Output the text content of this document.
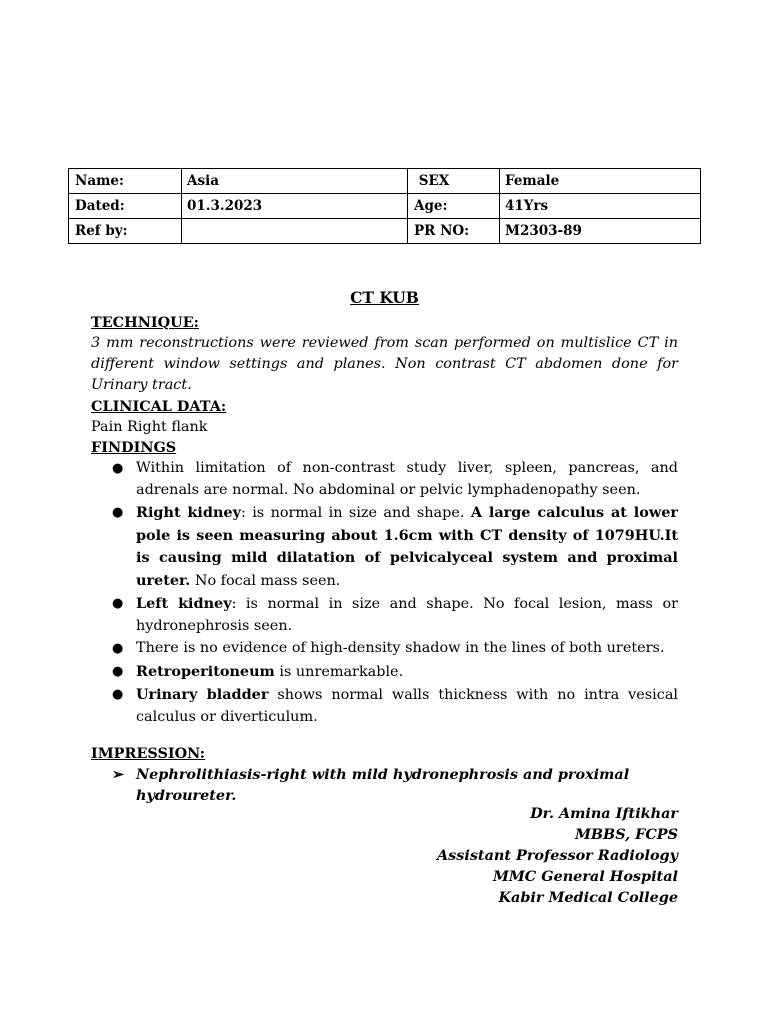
Name:	Asia	SEX	Female
Dated:	01.3.2023	Age:	41Yrs
Ref by:		PR NO:	M2303-89
CT KUB
TECHNIQUE:
3 mm reconstructions were reviewed from scan performed on multislice CT in different window settings and planes. Non contrast CT abdomen done for Urinary tract.
CLINICAL DATA:
Pain Right flank
FINDINGS
● Within limitation of non-contrast study liver, spleen, pancreas, and adrenals are normal. No abdominal or pelvic lymphadenopathy seen.
● Right kidney: is normal in size and shape. A large calculus at lower pole is seen measuring about 1.6cm with CT density of 1079HU.It is causing mild dilatation of pelvicalyceal system and proximal ureter. No focal mass seen.
● Left kidney: is normal in size and shape. No focal lesion, mass or hydronephrosis seen.
● There is no evidence of high-density shadow in the lines of both ureters.
● Retroperitoneum is unremarkable.
● Urinary bladder shows normal walls thickness with no intra vesical calculus or diverticulum.
IMPRESSION:
➢ Nephrolithiasis-right with mild hydronephrosis and proximal hydroureter.
Dr. Amina Iftikhar
MBBS, FCPS
Assistant Professor Radiology
MMC General Hospital
Kabir Medical College
